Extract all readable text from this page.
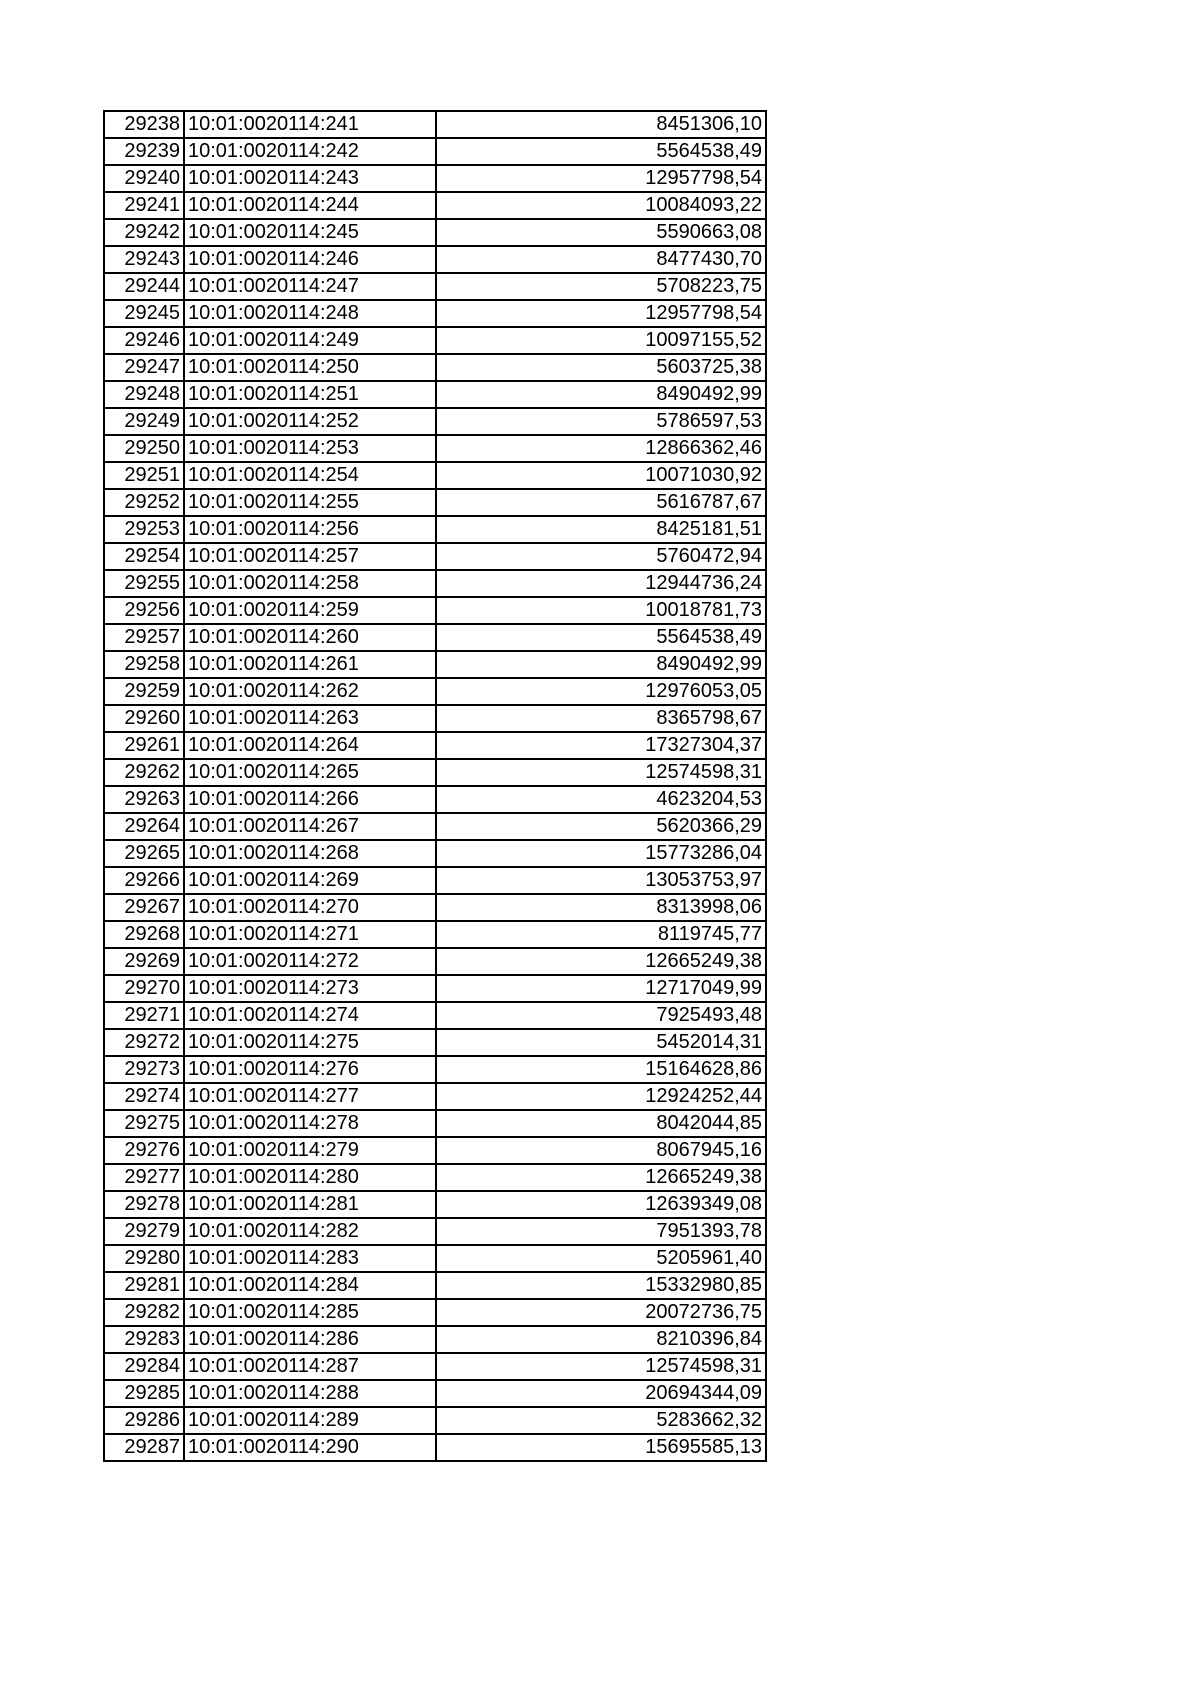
29238	10:01:0020114:241	8451306,10
29239	10:01:0020114:242	5564538,49
29240	10:01:0020114:243	12957798,54
29241	10:01:0020114:244	10084093,22
29242	10:01:0020114:245	5590663,08
29243	10:01:0020114:246	8477430,70
29244	10:01:0020114:247	5708223,75
29245	10:01:0020114:248	12957798,54
29246	10:01:0020114:249	10097155,52
29247	10:01:0020114:250	5603725,38
29248	10:01:0020114:251	8490492,99
29249	10:01:0020114:252	5786597,53
29250	10:01:0020114:253	12866362,46
29251	10:01:0020114:254	10071030,92
29252	10:01:0020114:255	5616787,67
29253	10:01:0020114:256	8425181,51
29254	10:01:0020114:257	5760472,94
29255	10:01:0020114:258	12944736,24
29256	10:01:0020114:259	10018781,73
29257	10:01:0020114:260	5564538,49
29258	10:01:0020114:261	8490492,99
29259	10:01:0020114:262	12976053,05
29260	10:01:0020114:263	8365798,67
29261	10:01:0020114:264	17327304,37
29262	10:01:0020114:265	12574598,31
29263	10:01:0020114:266	4623204,53
29264	10:01:0020114:267	5620366,29
29265	10:01:0020114:268	15773286,04
29266	10:01:0020114:269	13053753,97
29267	10:01:0020114:270	8313998,06
29268	10:01:0020114:271	8119745,77
29269	10:01:0020114:272	12665249,38
29270	10:01:0020114:273	12717049,99
29271	10:01:0020114:274	7925493,48
29272	10:01:0020114:275	5452014,31
29273	10:01:0020114:276	15164628,86
29274	10:01:0020114:277	12924252,44
29275	10:01:0020114:278	8042044,85
29276	10:01:0020114:279	8067945,16
29277	10:01:0020114:280	12665249,38
29278	10:01:0020114:281	12639349,08
29279	10:01:0020114:282	7951393,78
29280	10:01:0020114:283	5205961,40
29281	10:01:0020114:284	15332980,85
29282	10:01:0020114:285	20072736,75
29283	10:01:0020114:286	8210396,84
29284	10:01:0020114:287	12574598,31
29285	10:01:0020114:288	20694344,09
29286	10:01:0020114:289	5283662,32
29287	10:01:0020114:290	15695585,13
